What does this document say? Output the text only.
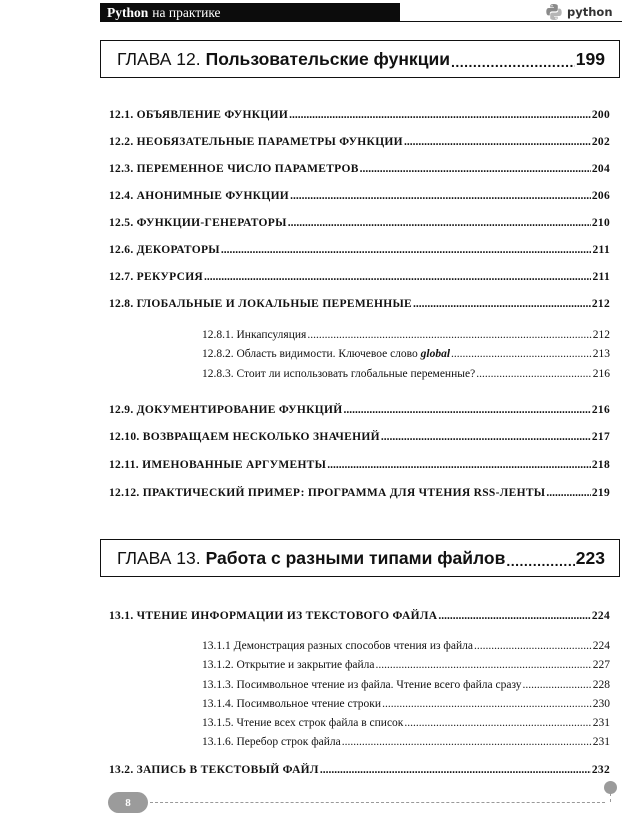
Python на практике	python
ГЛАВА 12. Пользовательские функции .....	199
12.1. ОБЪЯВЛЕНИЕ ФУНКЦИИ .....	200
12.2. НЕОБЯЗАТЕЛЬНЫЕ ПАРАМЕТРЫ ФУНКЦИИ .....	202
12.3. ПЕРЕМЕННОЕ ЧИСЛО ПАРАМЕТРОВ .....	204
12.4. АНОНИМНЫЕ ФУНКЦИИ .....	206
12.5. ФУНКЦИИ-ГЕНЕРАТОРЫ .....	210
12.6. ДЕКОРАТОРЫ .....	211
12.7. РЕКУРСИЯ .....	211
12.8. ГЛОБАЛЬНЫЕ И ЛОКАЛЬНЫЕ ПЕРЕМЕННЫЕ .....	212
12.8.1. Инкапсуляция .....	212
12.8.2. Область видимости. Ключевое слово global .....	213
12.8.3. Стоит ли использовать глобальные переменные? .....	216
12.9. ДОКУМЕНТИРОВАНИЕ ФУНКЦИЙ .....	216
12.10. ВОЗВРАЩАЕМ НЕСКОЛЬКО ЗНАЧЕНИЙ .....	217
12.11. ИМЕНОВАННЫЕ АРГУМЕНТЫ .....	218
12.12. ПРАКТИЧЕСКИЙ ПРИМЕР: ПРОГРАММА ДЛЯ ЧТЕНИЯ RSS-ЛЕНТЫ .....	219
ГЛАВА 13. Работа с разными типами файлов .....	223
13.1. ЧТЕНИЕ ИНФОРМАЦИИ ИЗ ТЕКСТОВОГО ФАЙЛА .....	224
13.1.1 Демонстрация разных способов чтения из файла .....	224
13.1.2. Открытие и закрытие файла .....	227
13.1.3. Посимвольное чтение из файла. Чтение всего файла сразу .....	228
13.1.4. Посимвольное чтение строки .....	230
13.1.5. Чтение всех строк файла в список .....	231
13.1.6. Перебор строк файла .....	231
13.2. ЗАПИСЬ В ТЕКСТОВЫЙ ФАЙЛ .....	232
8
